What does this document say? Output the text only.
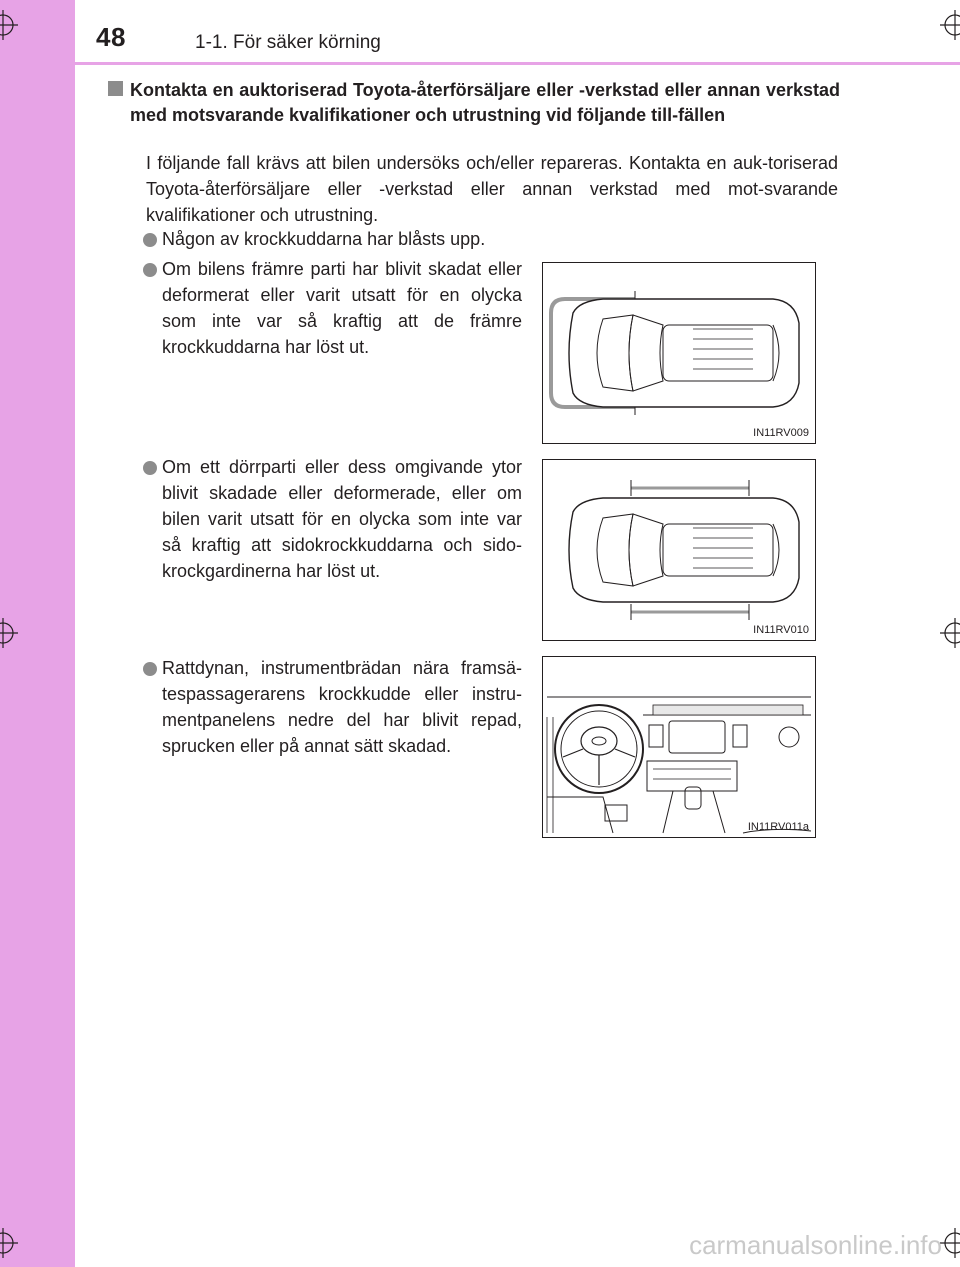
48	1-1. För säker körning
Kontakta en auktoriserad Toyota-återförsäljare eller -verkstad eller annan verkstad med motsvarande kvalifikationer och utrustning vid följande till-fällen
I följande fall krävs att bilen undersöks och/eller repareras. Kontakta en auk-toriserad Toyota-återförsäljare eller -verkstad eller annan verkstad med mot-svarande kvalifikationer och utrustning.
Någon av krockkuddarna har blåsts upp.
Om bilens främre parti har blivit skadat eller deformerat eller varit utsatt för en olycka som inte var så kraftig att de främre krockkuddarna har löst ut.
IN11RV009
Om ett dörrparti eller dess omgivande ytor blivit skadade eller deformerade, eller om bilen varit utsatt för en olycka som inte var så kraftig att sidokrockkuddarna och sido-krockgardinerna har löst ut.
IN11RV010
Rattdynan, instrumentbrädan nära framsä-tespassagerarens krockkudde eller instru-mentpanelens nedre del har blivit repad, sprucken eller på annat sätt skadad.
IN11RV011a
carmanualsonline.info
